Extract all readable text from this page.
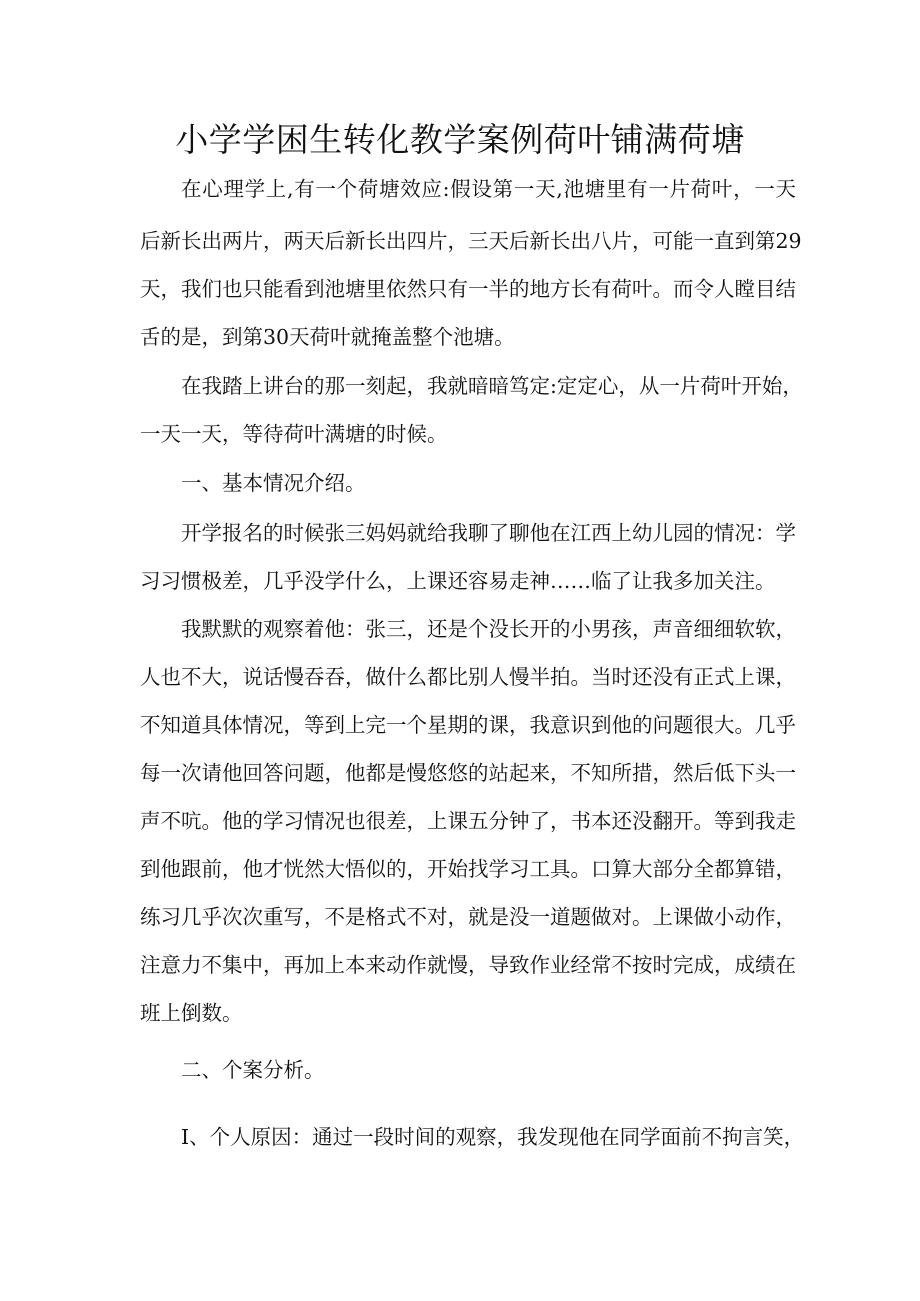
小学学困生转化教学案例荷叶铺满荷塘
在心理学上,有一个荷塘效应:假设第一天,池塘里有一片荷叶，一天
后新长出两片，两天后新长出四片，三天后新长出八片，可能一直到第29
天，我们也只能看到池塘里依然只有一半的地方长有荷叶。而令人瞠目结
舌的是，到第30天荷叶就掩盖整个池塘。
在我踏上讲台的那一刻起，我就暗暗笃定:定定心，从一片荷叶开始，
一天一天，等待荷叶满塘的时候。
一、基本情况介绍。
开学报名的时候张三妈妈就给我聊了聊他在江西上幼儿园的情况：学
习习惯极差，几乎没学什么，上课还容易走神……临了让我多加关注。
我默默的观察着他：张三，还是个没长开的小男孩，声音细细软软，
人也不大，说话慢吞吞，做什么都比别人慢半拍。当时还没有正式上课，
不知道具体情况，等到上完一个星期的课，我意识到他的问题很大。几乎
每一次请他回答问题，他都是慢悠悠的站起来，不知所措，然后低下头一
声不吭。他的学习情况也很差，上课五分钟了，书本还没翻开。等到我走
到他跟前，他才恍然大悟似的，开始找学习工具。口算大部分全都算错，
练习几乎次次重写，不是格式不对，就是没一道题做对。上课做小动作，
注意力不集中，再加上本来动作就慢，导致作业经常不按时完成，成绩在
班上倒数。
二、个案分析。
I、个人原因：通过一段时间的观察，我发现他在同学面前不拘言笑，
